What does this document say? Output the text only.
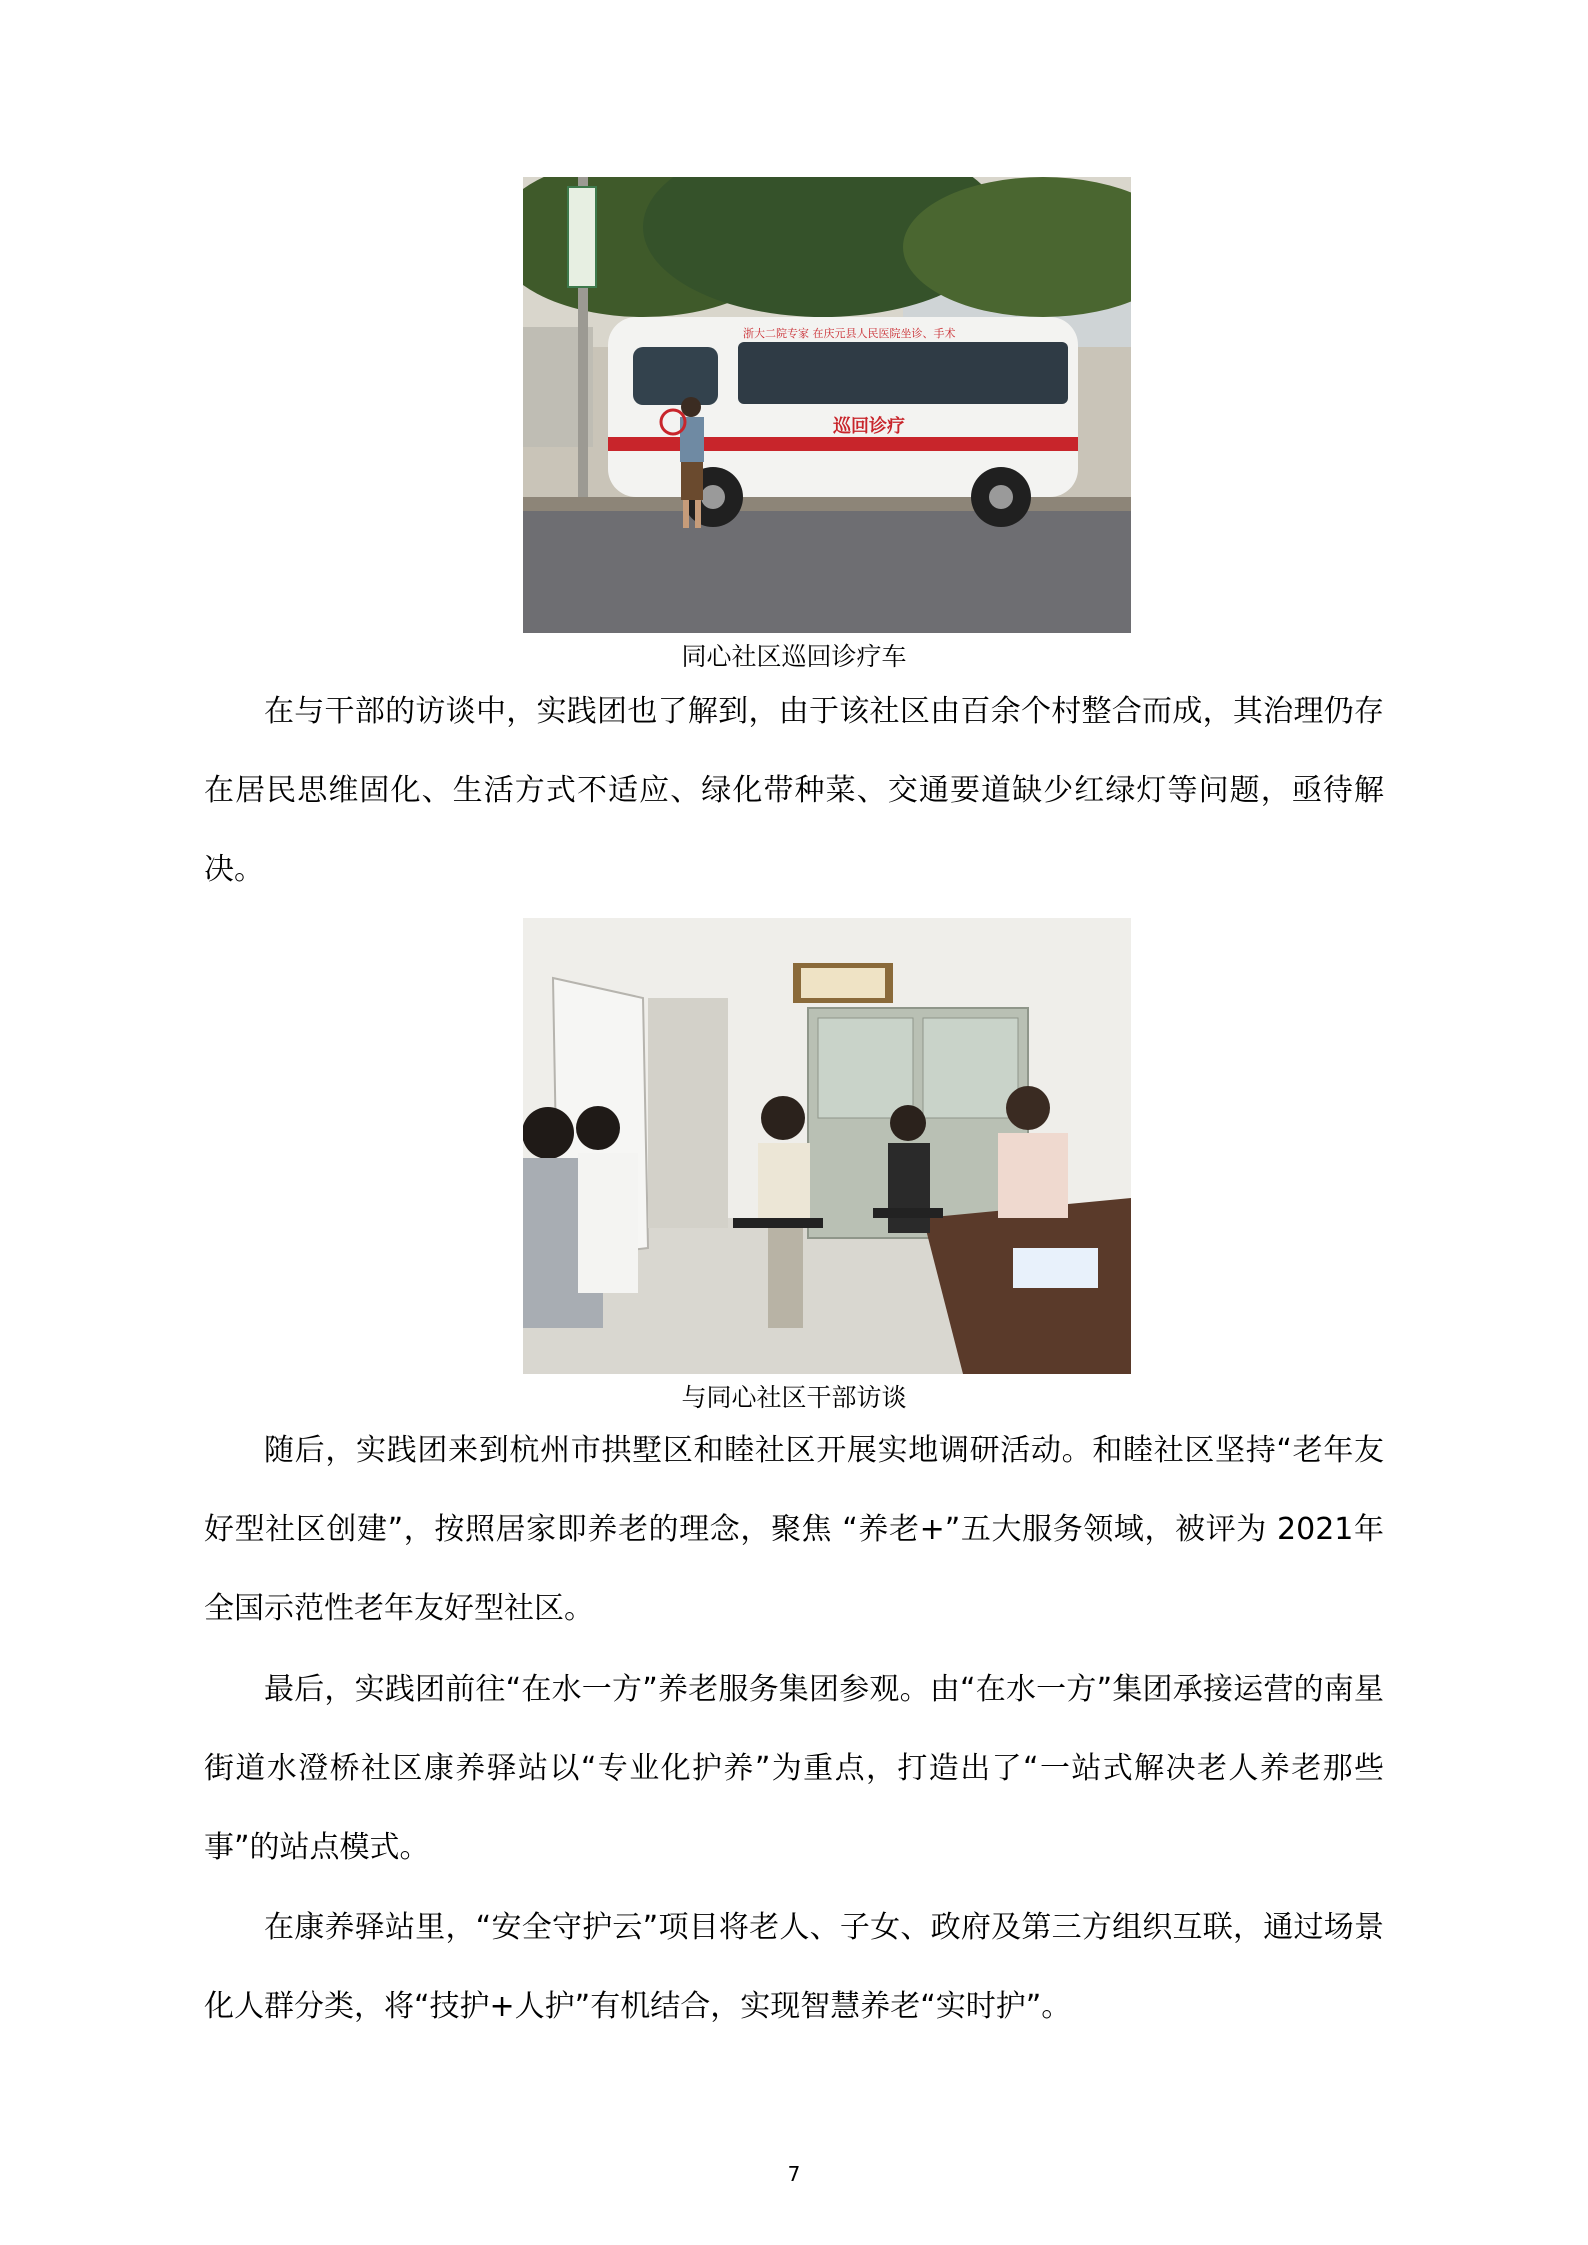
浙大二院专家 在庆元县人民医院坐诊、手术
巡回诊疗
同心社区巡回诊疗车

在与干部的访谈中，实践团也了解到，由于该社区由百余个村整合而成，其治理仍存在居民思维固化、生活方式不适应、绿化带种菜、交通要道缺少红绿灯等问题，亟待解决。

与同心社区干部访谈

随后，实践团来到杭州市拱墅区和睦社区开展实地调研活动。和睦社区坚持“老年友好型社区创建”，按照居家即养老的理念，聚焦 “养老+”五大服务领域，被评为 2021年全国示范性老年友好型社区。

最后，实践团前往“在水一方”养老服务集团参观。由“在水一方”集团承接运营的南星街道水澄桥社区康养驿站以“专业化护养”为重点，打造出了“一站式解决老人养老那些事”的站点模式。

在康养驿站里，“安全守护云”项目将老人、子女、政府及第三方组织互联，通过场景化人群分类，将“技护+人护”有机结合，实现智慧养老“实时护”。

7
